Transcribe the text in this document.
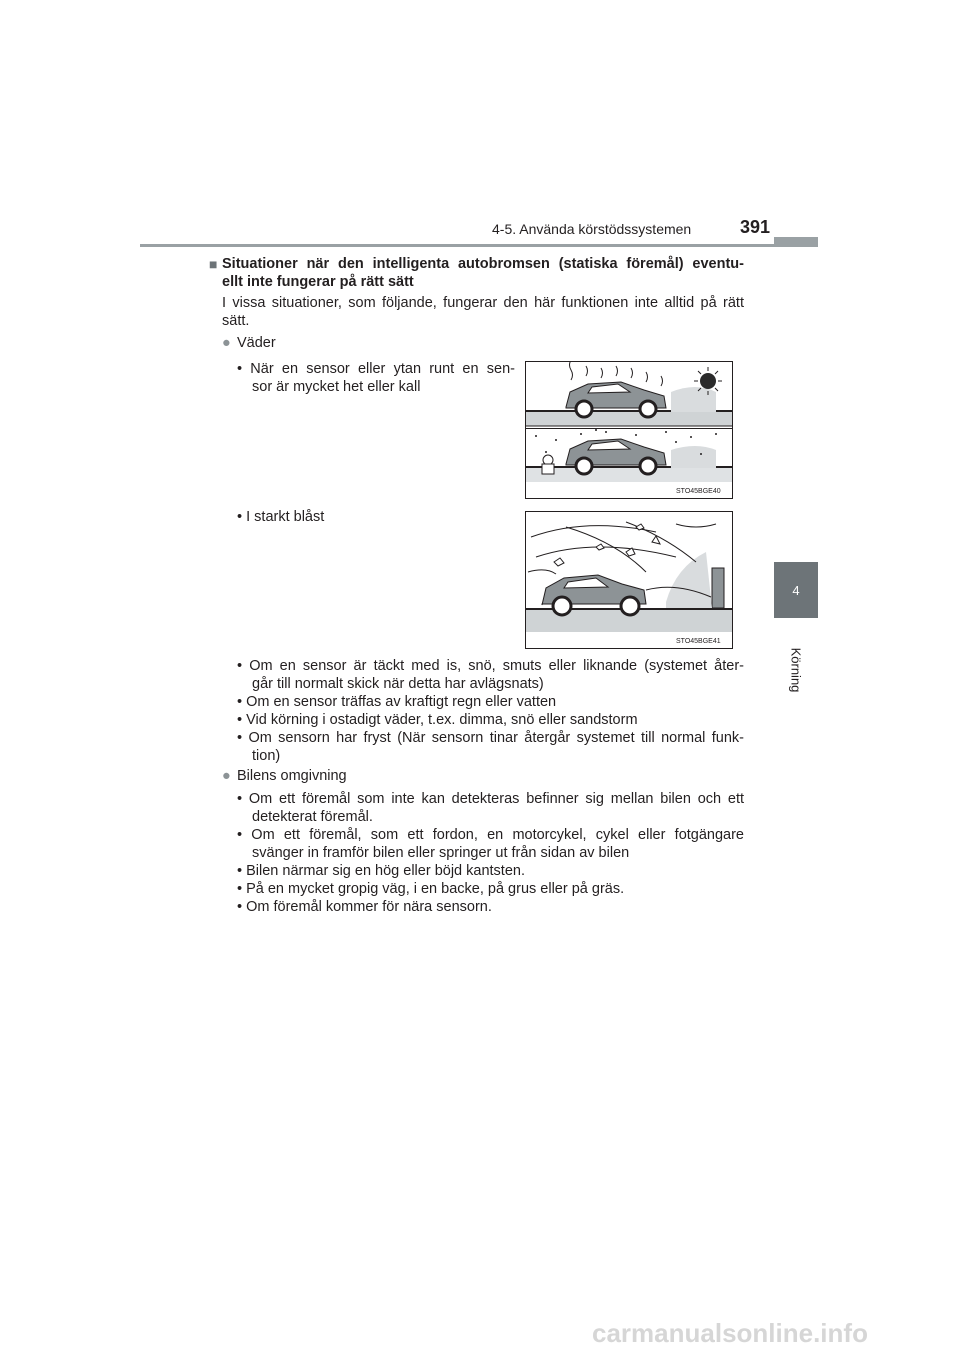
4-5. Använda körstödssystemen	391
4
Körning
■ Situationer när den intelligenta autobromsen (statiska föremål) eventu-
ellt inte fungerar på rätt sätt
I vissa situationer, som följande, fungerar den här funktionen inte alltid på rätt
sätt.
● Väder
• När en sensor eller ytan runt en sen-
sor är mycket het eller kall
• I starkt blåst
STO45BGE40
STO45BGE41
• Om en sensor är täckt med is, snö, smuts eller liknande (systemet åter-
går till normalt skick när detta har avlägsnats)
• Om en sensor träffas av kraftigt regn eller vatten
• Vid körning i ostadigt väder, t.ex. dimma, snö eller sandstorm
• Om sensorn har fryst (När sensorn tinar återgår systemet till normal funk-
tion)
● Bilens omgivning
• Om ett föremål som inte kan detekteras befinner sig mellan bilen och ett
detekterat föremål.
• Om ett föremål, som ett fordon, en motorcykel, cykel eller fotgängare
svänger in framför bilen eller springer ut från sidan av bilen
• Bilen närmar sig en hög eller böjd kantsten.
• På en mycket gropig väg, i en backe, på grus eller på gräs.
• Om föremål kommer för nära sensorn.
carmanualsonline.info
